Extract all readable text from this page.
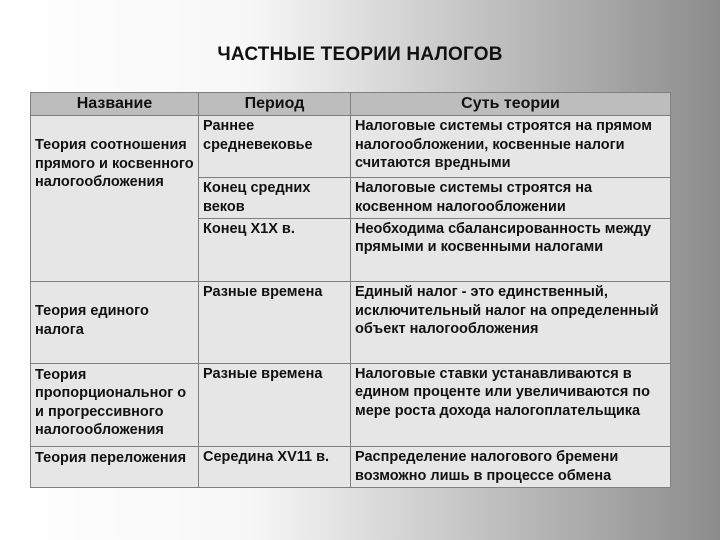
ЧАСТНЫЕ ТЕОРИИ НАЛОГОВ
Название	Период	Суть теории
Теория соотношения прямого и косвенного налогообложения	Раннее средневековье	Налоговые системы строятся на прямом налогообложении, косвенные налоги считаются вредными
	Конец средних веков	Налоговые системы строятся на косвенном налогообложении
	Конец Х1Х в.	Необходима сбалансированность между прямыми и косвенными налогами
Теория единого налога	Разные времена	Единый налог - это единственный, исключительный налог на определенный объект налогообложения
Теория пропорциональног о и прогрессивного налогообложения	Разные времена	Налоговые ставки устанавливаются в едином проценте или увеличиваются по мере роста дохода налогоплательщика
Теория переложения	Середина ХV11 в.	Распределение налогового бремени возможно лишь в процессе обмена
